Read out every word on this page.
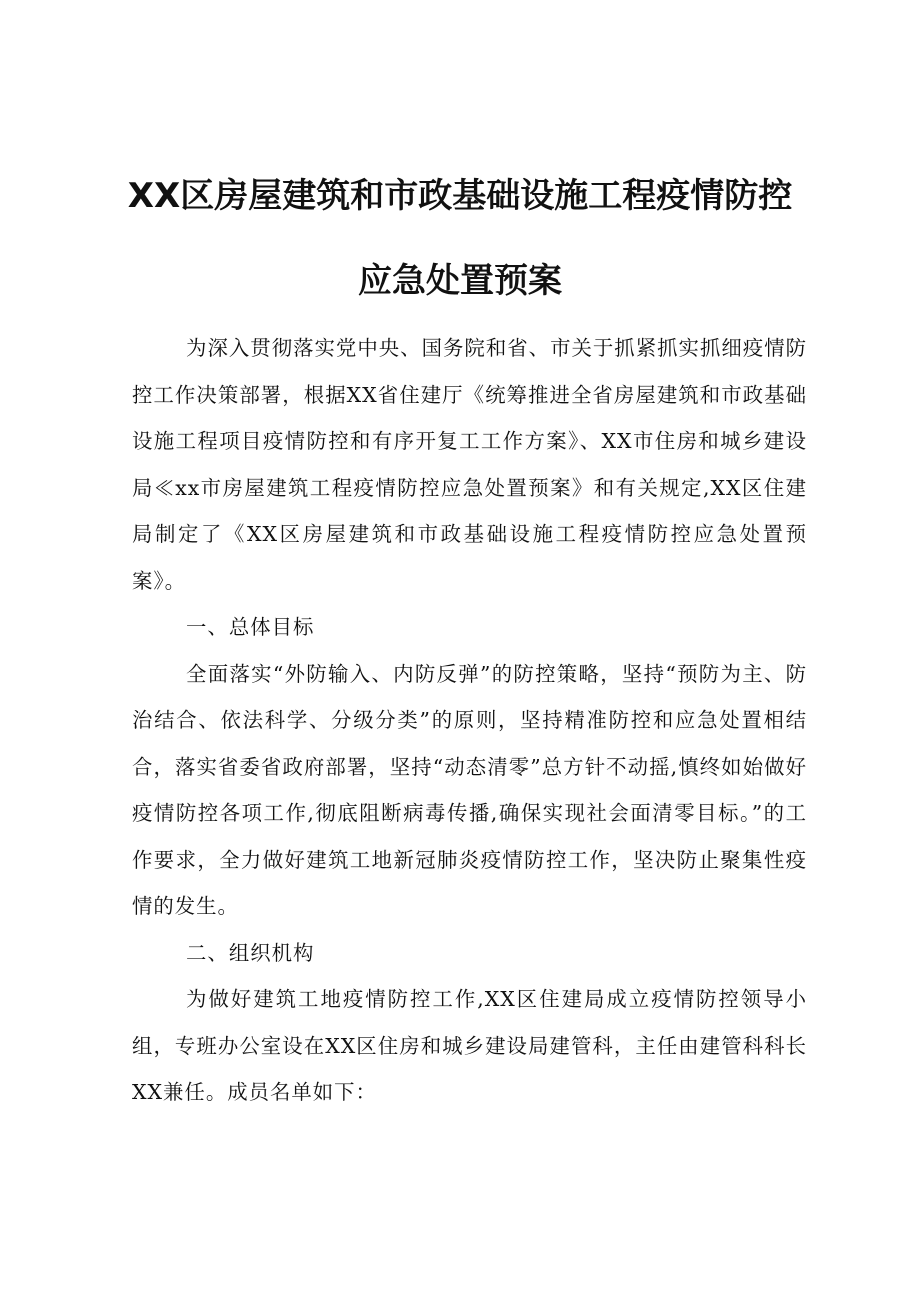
XX区房屋建筑和市政基础设施工程疫情防控
应急处置预案

为深入贯彻落实党中央、国务院和省、市关于抓紧抓实抓细疫情防控工作决策部署，根据XX省住建厅《统筹推进全省房屋建筑和市政基础设施工程项目疫情防控和有序开复工工作方案》、XX市住房和城乡建设局≪xx市房屋建筑工程疫情防控应急处置预案》和有关规定,XX区住建局制定了《XX区房屋建筑和市政基础设施工程疫情防控应急处置预案》。

一、总体目标

全面落实“外防输入、内防反弹”的防控策略，坚持“预防为主、防治结合、依法科学、分级分类”的原则，坚持精准防控和应急处置相结合，落实省委省政府部署，坚持“动态清零”总方针不动摇,慎终如始做好疫情防控各项工作,彻底阻断病毒传播,确保实现社会面清零目标。”的工作要求，全力做好建筑工地新冠肺炎疫情防控工作，坚决防止聚集性疫情的发生。

二、组织机构

为做好建筑工地疫情防控工作,XX区住建局成立疫情防控领导小组，专班办公室设在XX区住房和城乡建设局建管科，主任由建管科科长XX兼任。成员名单如下：
